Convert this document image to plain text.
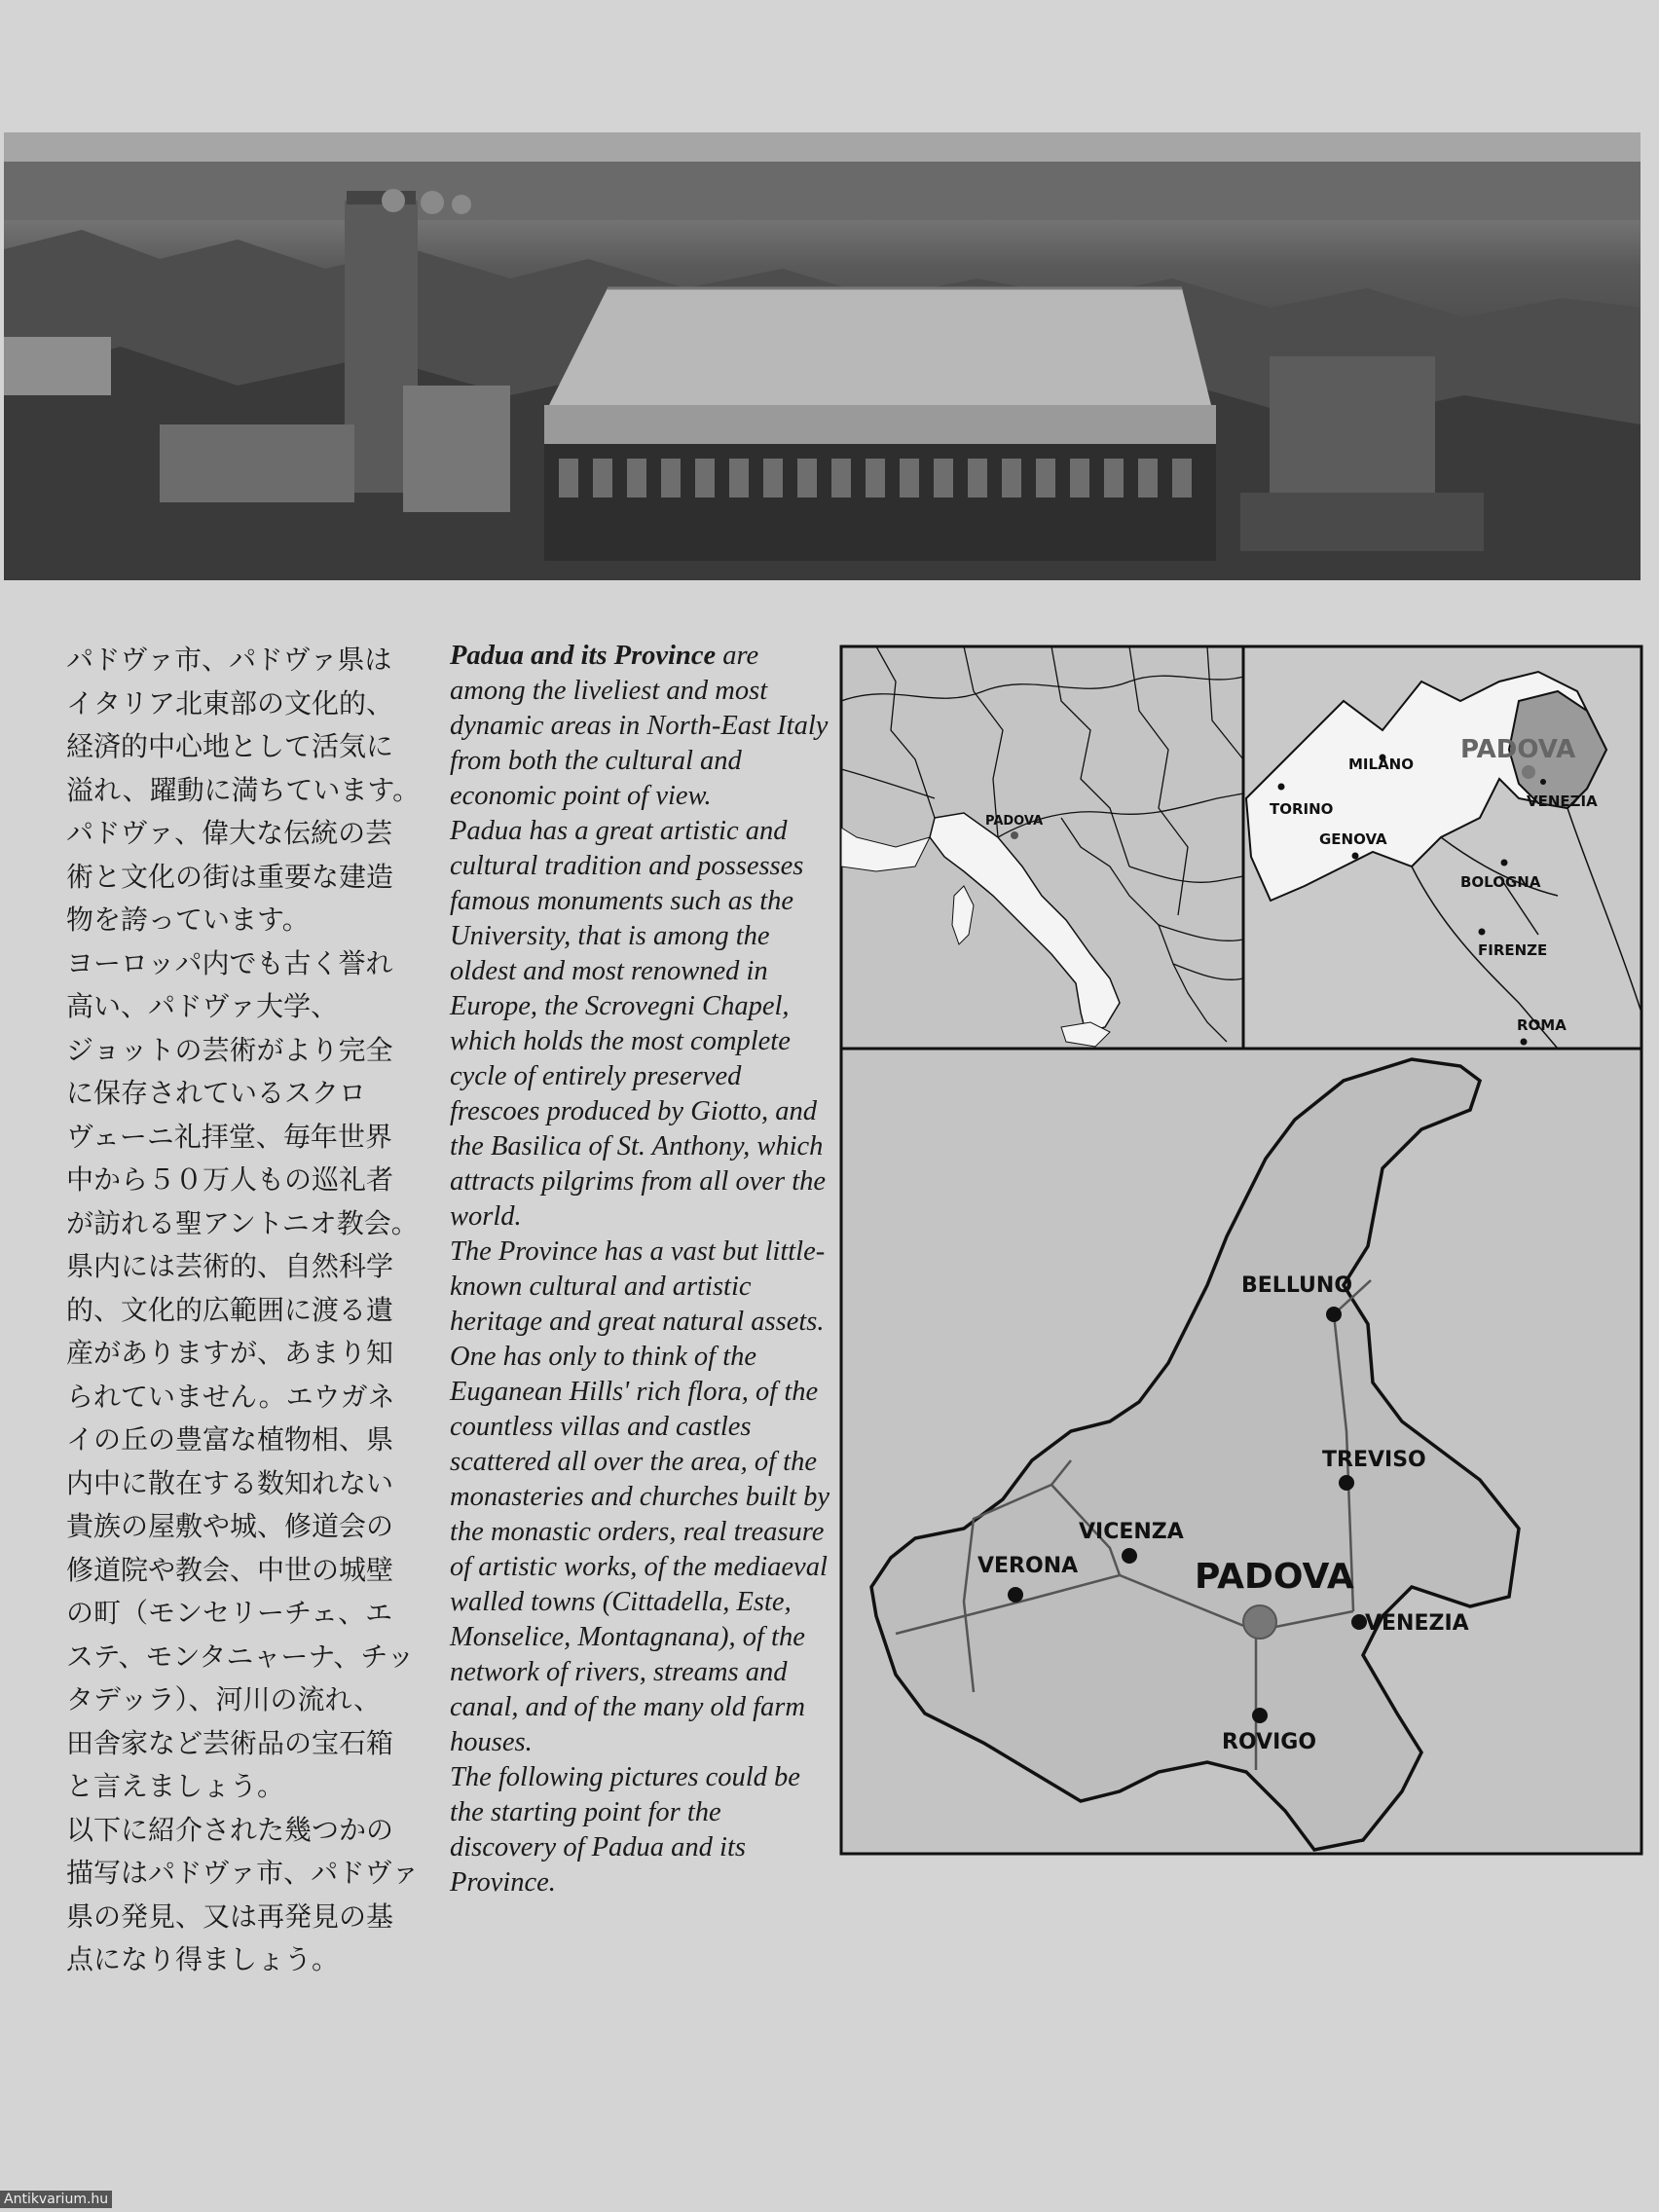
パドヴァ市、パドヴァ県は
イタリア北東部の文化的、
経済的中心地として活気に
溢れ、躍動に満ちています。
パドヴァ、偉大な伝統の芸
術と文化の街は重要な建造
物を誇っています。
ヨーロッパ内でも古く誉れ
高い、パドヴァ大学、
ジョットの芸術がより完全
に保存されているスクロ
ヴェーニ礼拝堂、毎年世界
中から５０万人もの巡礼者
が訪れる聖アントニオ教会。
県内には芸術的、自然科学
的、文化的広範囲に渡る遺
産がありますが、あまり知
られていません。エウガネ
イの丘の豊富な植物相、県
内中に散在する数知れない
貴族の屋敷や城、修道会の
修道院や教会、中世の城壁
の町（モンセリーチェ、エ
ステ、モンタニャーナ、チッ
タデッラ）、河川の流れ、
田舎家など芸術品の宝石箱
と言えましょう。
以下に紹介された幾つかの
描写はパドヴァ市、パドヴァ
県の発見、又は再発見の基
点になり得ましょう。

Padua and its Province are among the liveliest and most dynamic areas in North-East Italy from both the cultural and economic point of view.

Padua has a great artistic and cultural tradition and possesses famous monuments such as the University, that is among the oldest and most renowned in Europe, the Scrovegni Chapel, which holds the most complete cycle of entirely preserved frescoes produced by Giotto, and the Basilica of St. Anthony, which attracts pilgrims from all over the world.

The Province has a vast but little-known cultural and artistic heritage and great natural assets. One has only to think of the Euganean Hills' rich flora, of the countless villas and castles scattered all over the area, of the monasteries and churches built by the monastic orders, real treasure of artistic works, of the mediaeval walled towns (Cittadella, Este, Monselice, Montagnana), of the network of rivers, streams and canal, and of the many old farm houses.

The following pictures could be the starting point for the discovery of Padua and its Province.

PADOVA
PADOVA
VENEZIA
MILANO
TORINO
GENOVA
BOLOGNA
FIRENZE
ROMA
BELLUNO
TREVISO
VICENZA
VERONA	PADOVA
VENEZIA
ROVIGO
Antikvarium.hu
